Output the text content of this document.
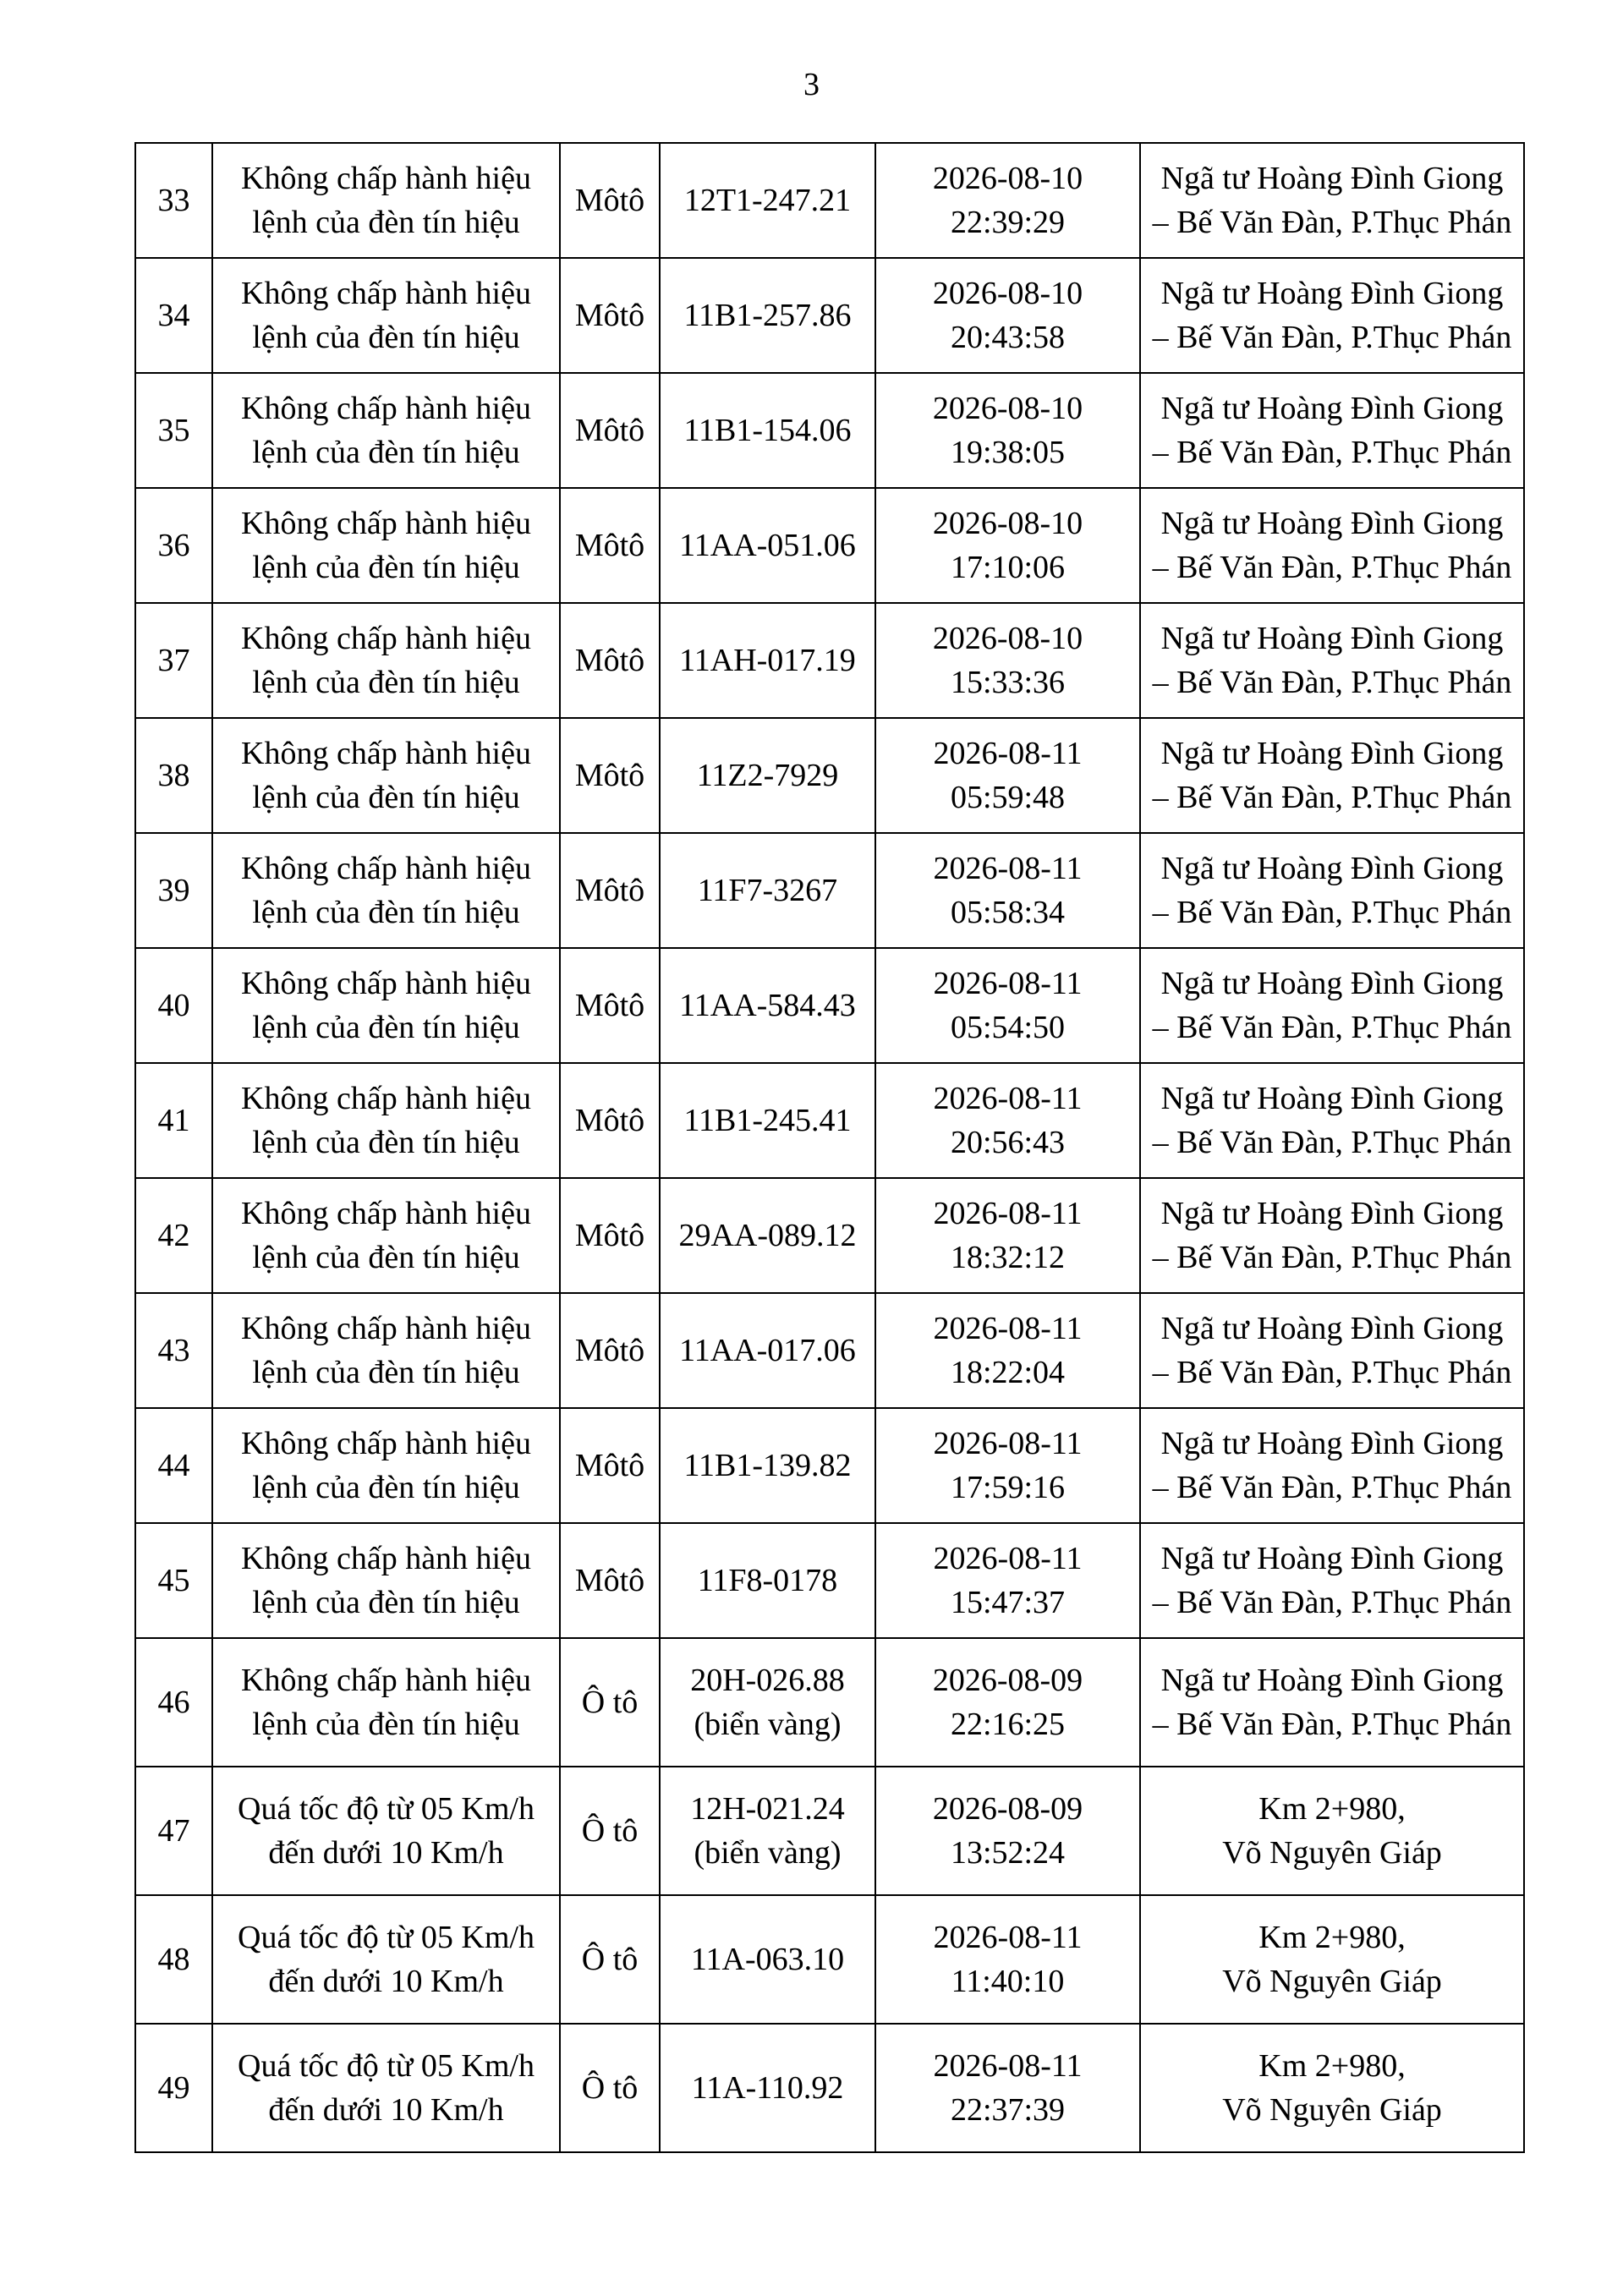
3
33	Không chấp hành hiệu
lệnh của đèn tín hiệu	Môtô	12T1-247.21	2026-08-10
22:39:29	Ngã tư Hoàng Đình Giong
– Bế Văn Đàn, P.Thục Phán

34	Không chấp hành hiệu
lệnh của đèn tín hiệu	Môtô	11B1-257.86	2026-08-10
20:43:58	Ngã tư Hoàng Đình Giong
– Bế Văn Đàn, P.Thục Phán

35	Không chấp hành hiệu
lệnh của đèn tín hiệu	Môtô	11B1-154.06	2026-08-10
19:38:05	Ngã tư Hoàng Đình Giong
– Bế Văn Đàn, P.Thục Phán

36	Không chấp hành hiệu
lệnh của đèn tín hiệu	Môtô	11AA-051.06	2026-08-10
17:10:06	Ngã tư Hoàng Đình Giong
– Bế Văn Đàn, P.Thục Phán

37	Không chấp hành hiệu
lệnh của đèn tín hiệu	Môtô	11AH-017.19	2026-08-10
15:33:36	Ngã tư Hoàng Đình Giong
– Bế Văn Đàn, P.Thục Phán

38	Không chấp hành hiệu
lệnh của đèn tín hiệu	Môtô	11Z2-7929	2026-08-11
05:59:48	Ngã tư Hoàng Đình Giong
– Bế Văn Đàn, P.Thục Phán

39	Không chấp hành hiệu
lệnh của đèn tín hiệu	Môtô	11F7-3267	2026-08-11
05:58:34	Ngã tư Hoàng Đình Giong
– Bế Văn Đàn, P.Thục Phán

40	Không chấp hành hiệu
lệnh của đèn tín hiệu	Môtô	11AA-584.43	2026-08-11
05:54:50	Ngã tư Hoàng Đình Giong
– Bế Văn Đàn, P.Thục Phán

41	Không chấp hành hiệu
lệnh của đèn tín hiệu	Môtô	11B1-245.41	2026-08-11
20:56:43	Ngã tư Hoàng Đình Giong
– Bế Văn Đàn, P.Thục Phán

42	Không chấp hành hiệu
lệnh của đèn tín hiệu	Môtô	29AA-089.12	2026-08-11
18:32:12	Ngã tư Hoàng Đình Giong
– Bế Văn Đàn, P.Thục Phán

43	Không chấp hành hiệu
lệnh của đèn tín hiệu	Môtô	11AA-017.06	2026-08-11
18:22:04	Ngã tư Hoàng Đình Giong
– Bế Văn Đàn, P.Thục Phán

44	Không chấp hành hiệu
lệnh của đèn tín hiệu	Môtô	11B1-139.82	2026-08-11
17:59:16	Ngã tư Hoàng Đình Giong
– Bế Văn Đàn, P.Thục Phán

45	Không chấp hành hiệu
lệnh của đèn tín hiệu	Môtô	11F8-0178	2026-08-11
15:47:37	Ngã tư Hoàng Đình Giong
– Bế Văn Đàn, P.Thục Phán

46	Không chấp hành hiệu
lệnh của đèn tín hiệu	Ô tô	20H-026.88
(biển vàng)	2026-08-09
22:16:25	Ngã tư Hoàng Đình Giong
– Bế Văn Đàn, P.Thục Phán

47	Quá tốc độ từ 05 Km/h
đến dưới 10 Km/h	Ô tô	12H-021.24
(biển vàng)	2026-08-09
13:52:24	Km 2+980,
Võ Nguyên Giáp

48	Quá tốc độ từ 05 Km/h
đến dưới 10 Km/h	Ô tô	11A-063.10	2026-08-11
11:40:10	Km 2+980,
Võ Nguyên Giáp

49	Quá tốc độ từ 05 Km/h
đến dưới 10 Km/h	Ô tô	11A-110.92	2026-08-11
22:37:39	Km 2+980,
Võ Nguyên Giáp
